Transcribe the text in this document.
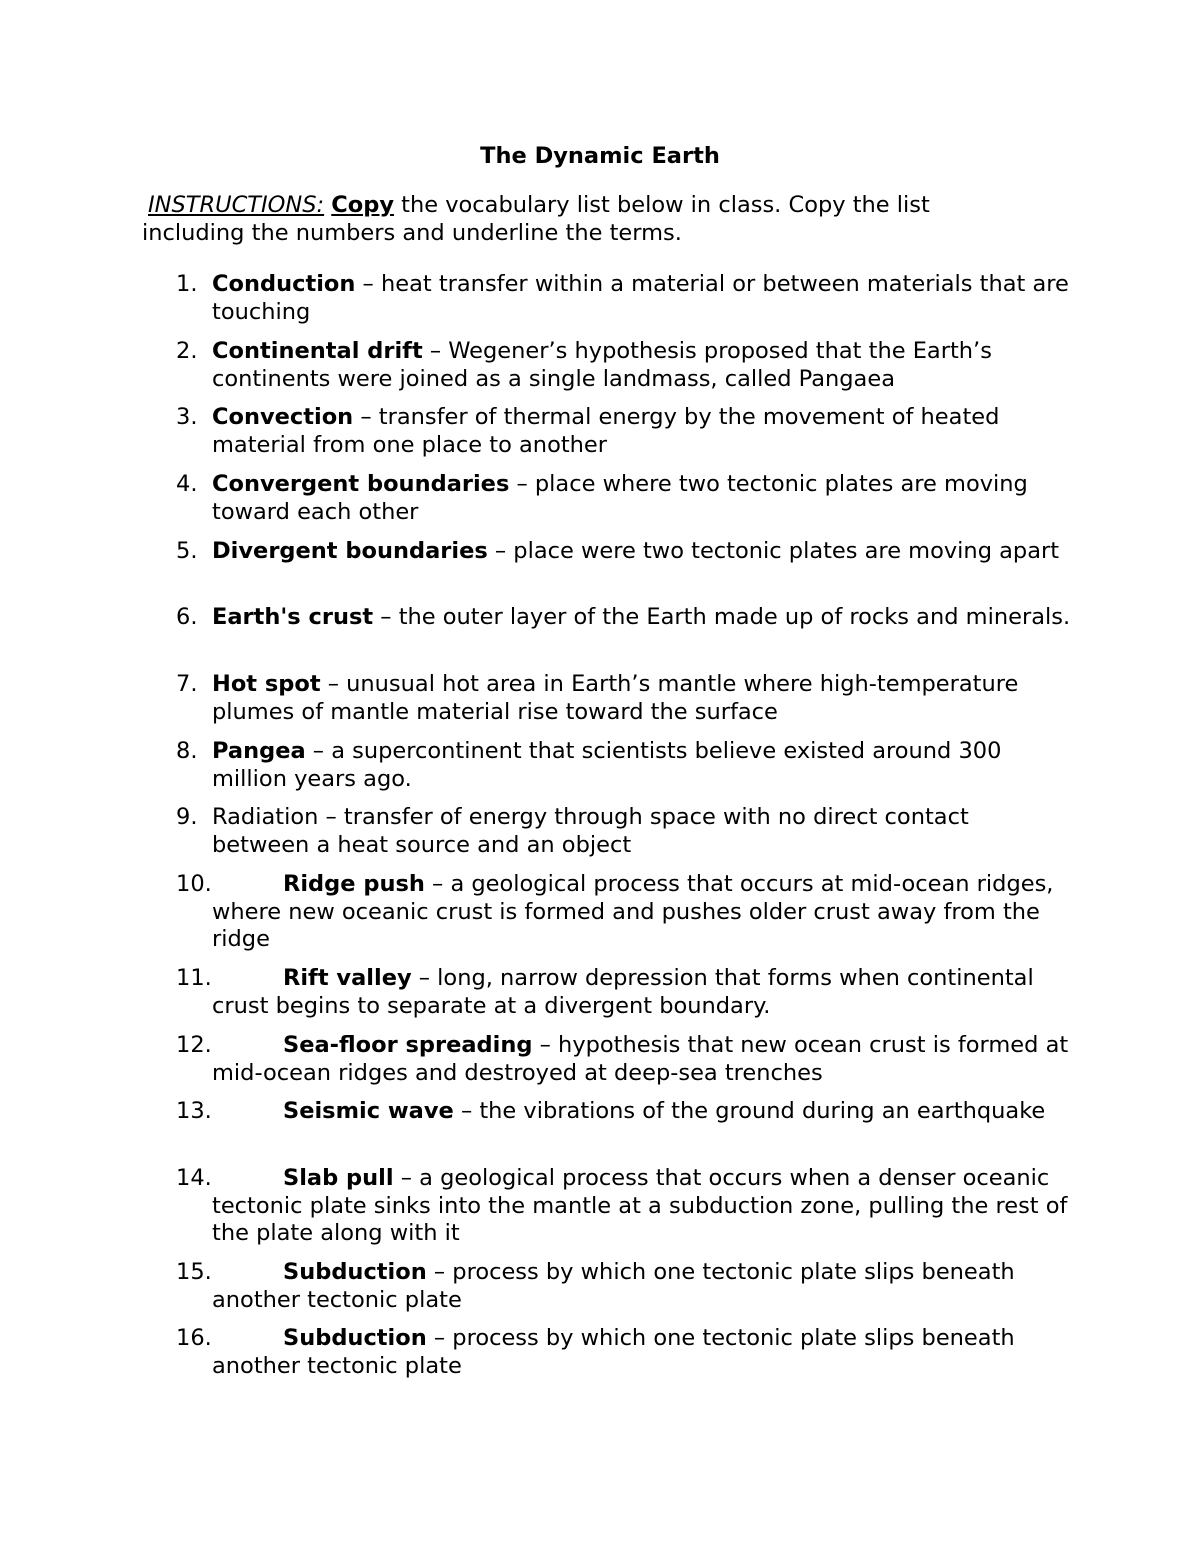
The Dynamic Earth
INSTRUCTIONS: Copy the vocabulary list below in class. Copy the list including the numbers and underline the terms.
1. Conduction – heat transfer within a material or between materials that are touching
2. Continental drift – Wegener’s hypothesis proposed that the Earth’s continents were joined as a single landmass, called Pangaea
3. Convection – transfer of thermal energy by the movement of heated material from one place to another
4. Convergent boundaries – place where two tectonic plates are moving toward each other
5. Divergent boundaries – place were two tectonic plates are moving apart
6. Earth's crust – the outer layer of the Earth made up of rocks and minerals.
7. Hot spot – unusual hot area in Earth’s mantle where high-temperature plumes of mantle material rise toward the surface
8. Pangea – a supercontinent that scientists believe existed around 300 million years ago.
9. Radiation – transfer of energy through space with no direct contact between a heat source and an object
10.	Ridge push – a geological process that occurs at mid-ocean ridges, where new oceanic crust is formed and pushes older crust away from the ridge
11.	Rift valley – long, narrow depression that forms when continental crust begins to separate at a divergent boundary.
12.	Sea-floor spreading – hypothesis that new ocean crust is formed at mid-ocean ridges and destroyed at deep-sea trenches
13.	Seismic wave – the vibrations of the ground during an earthquake
14.	Slab pull – a geological process that occurs when a denser oceanic tectonic plate sinks into the mantle at a subduction zone, pulling the rest of the plate along with it
15.	Subduction – process by which one tectonic plate slips beneath another tectonic plate
16.	Subduction – process by which one tectonic plate slips beneath another tectonic plate
